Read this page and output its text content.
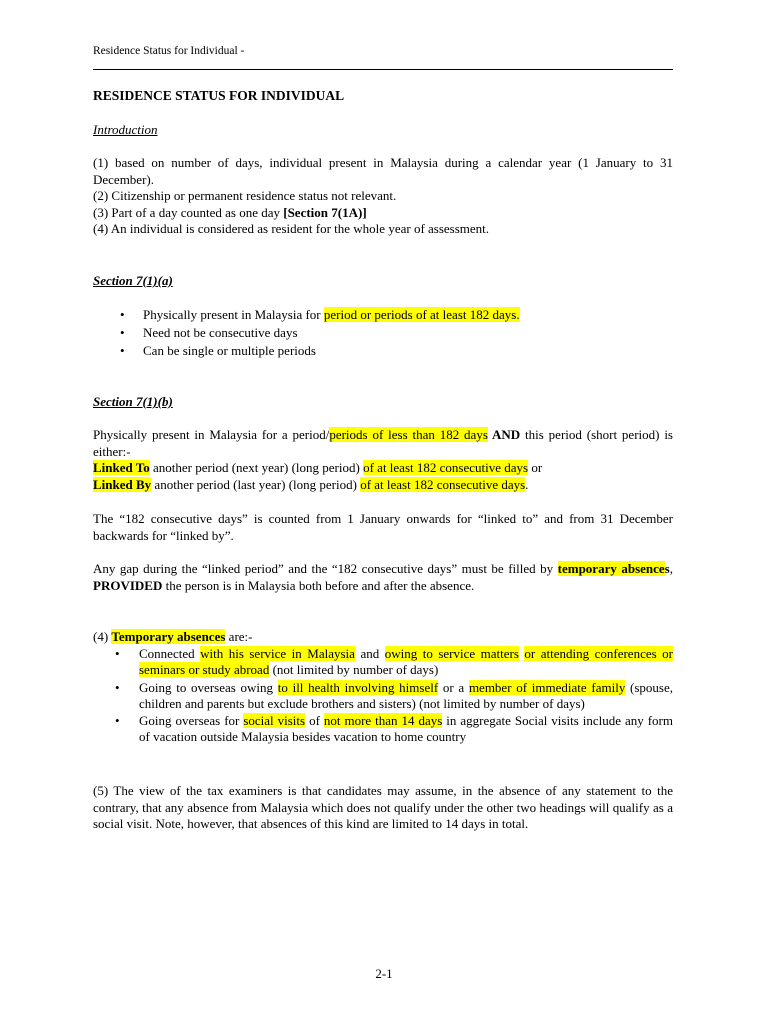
Residence Status for Individual -
RESIDENCE STATUS FOR INDIVIDUAL
Introduction
(1) based on number of days, individual present in Malaysia during a calendar year (1 January to 31 December).
(2) Citizenship or permanent residence status not relevant.
(3) Part of a day counted as one day [Section 7(1A)]
(4) An individual is considered as resident for the whole year of assessment.
Section 7(1)(a)
• Physically present in Malaysia for period or periods of at least 182 days.
• Need not be consecutive days
• Can be single or multiple periods
Section 7(1)(b)
Physically present in Malaysia for a period/periods of less than 182 days AND this period (short period) is either:-
Linked To another period (next year) (long period) of at least 182 consecutive days or
Linked By another period (last year) (long period) of at least 182 consecutive days.
The “182 consecutive days” is counted from 1 January onwards for “linked to” and from 31 December backwards for “linked by”.
Any gap during the “linked period” and the “182 consecutive days” must be filled by temporary absences, PROVIDED the person is in Malaysia both before and after the absence.
(4) Temporary absences are:-
• Connected with his service in Malaysia and owing to service matters or attending conferences or seminars or study abroad (not limited by number of days)
• Going to overseas owing to ill health involving himself or a member of immediate family (spouse, children and parents but exclude brothers and sisters) (not limited by number of days)
• Going overseas for social visits of not more than 14 days in aggregate Social visits include any form of vacation outside Malaysia besides vacation to home country
(5) The view of the tax examiners is that candidates may assume, in the absence of any statement to the contrary, that any absence from Malaysia which does not qualify under the other two headings will qualify as a social visit. Note, however, that absences of this kind are limited to 14 days in total.
2-1
